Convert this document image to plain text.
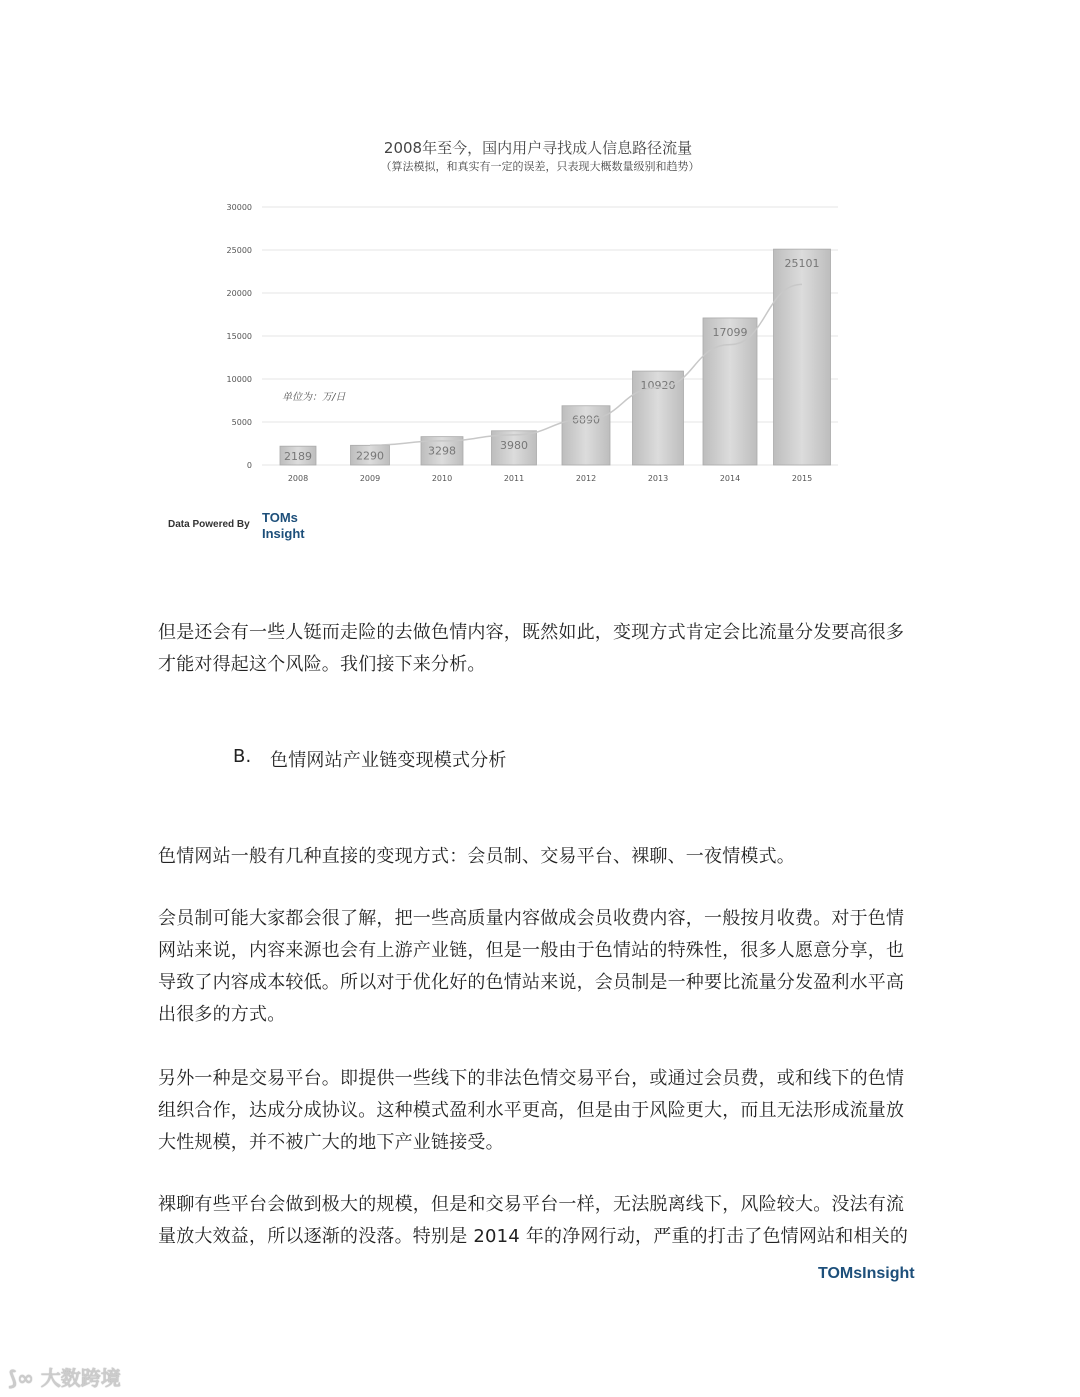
2008年至今，国内用户寻找成人信息路径流量
（算法模拟，和真实有一定的误差，只表现大概数量级别和趋势）
0
5000
10000
15000
20000
25000
30000
2189
2008
2290
2009
3298
2010
3980
2011
6890
2012
10920
2013
17099
2014
25101
2015
单位为：万/日
Data Powered By TOMs
Insight
但是还会有一些人铤而走险的去做色情内容，既然如此，变现方式肯定会比流量分发要高很多
才能对得起这个风险。我们接下来分析。
色情网站一般有几种直接的变现方式：会员制、交易平台、裸聊、一夜情模式。
会员制可能大家都会很了解，把一些高质量内容做成会员收费内容，一般按月收费。对于色情
网站来说，内容来源也会有上游产业链，但是一般由于色情站的特殊性，很多人愿意分享，也
导致了内容成本较低。所以对于优化好的色情站来说，会员制是一种要比流量分发盈利水平高
出很多的方式。
另外一种是交易平台。即提供一些线下的非法色情交易平台，或通过会员费，或和线下的色情
组织合作，达成分成协议。这种模式盈利水平更高，但是由于风险更大，而且无法形成流量放
大性规模，并不被广大的地下产业链接受。
裸聊有些平台会做到极大的规模，但是和交易平台一样，无法脱离线下，风险较大。没法有流
量放大效益，所以逐渐的没落。特别是 2014 年的净网行动，严重的打击了色情网站和相关的
B. 色情网站产业链变现模式分析
TOMsInsight
⟆∞ 大数跨境
